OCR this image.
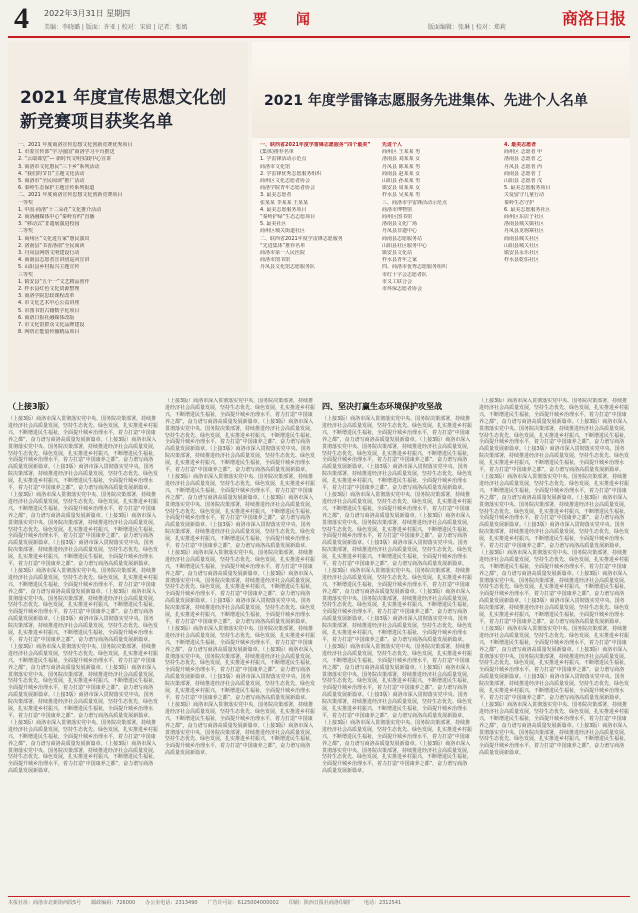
4 2022年3月31日 星期四
美编：李晓璐 | 版面：许亚 | 校对：宋如 | 记者：张嫣	要 闻	版面编辑：张琳 | 校对：郑莉	商洛日报
2021 年度宣传思想文化创新竞赛项目获奖名单
一、2021 年度商洛宣传思想文化创新竞赛优秀项目
1. 市委宣传部“学习强国”商洛学习平台推送
2. “云端课堂”— 新时代文明实践中心宣讲
3. 商洛市文化惠民“三下乡”系列活动
4. “我们的节日”主题文化活动
5. 商洛市“全民阅读”推广活动
6. 秦岭生态保护主题宣传系列报道
二、2021 年度商洛宣传思想文化创新竞赛项目
一等奖
1. 中国·商洛“十二朵花”文化推介活动
2. 商洛融媒体中心“秦岭有约”直播
3. “移动式”非遗展演进校园
二等奖
1. 商州区“文化进万家”惠民演出
2. 洛南县“书香洛南”全民阅读
3. 丹凤县网络文明建设行动
4. 商南县志愿者宣讲团巡回宣讲
5. 山阳县乡村振兴主题宣传
三等奖
1. 镇安县“五个一”文艺精品创作
2. 柞水县红色文化资源整理
3. 商洛学院思政课程改革
4. 市文化艺术中心公益讲座
5. 市图书馆古籍数字化项目
6. 商洛日报社融媒体改版
7. 市文化馆群众文化品牌建设
8. 网络正能量传播精品项目
2021 年度学雷锋志愿服务先进集体、先进个人名单
一、联西省2021年度学雷锋志愿服务“四个最美”
(集体)推荐名单
1. 学雷锋活动示范点
商洛市文化馆
2. 学雷锋优秀志愿服务组织
商州区文化志愿者协会
商洛学院青年志愿者协会
3. 最美志愿者
张某某 李某某 王某某
4. 最美志愿服务项目
“秦岭护绿”生态志愿项目
5. 最美社区
商州区城关街道社区
二、联西省2021年度学雷锋志愿服务
“先进集体”推荐名单
商洛市第一人民医院
商洛市图书馆
丹凤县文化馆志愿服务队
先进个人
商州区 王某某 男
洛南县 刘某某 女
丹凤县 陈某某 男
商南县 赵某某 女
山阳县 孙某某 男
镇安县 周某某 女
柞水县 吴某某 男
三、商洛市学雷锋活动示范点
商洛市博物馆
商州区图书馆
洛南县文化广场
丹凤县非遗中心
商南县志愿服务站
山阳县社区服务中心
镇安县文化站
柞水县青年之家
四、商洛市优秀志愿服务组织
市红十字会志愿者队
市义工联合会
市环保志愿者协会
4. 最美志愿者
商州区 志愿者 甲
洛南县 志愿者 乙
丹凤县 志愿者 丙
商南县 志愿者 丁
山阳县 志愿者 戊
5. 最美志愿服务项目
关爱留守儿童行动
秦岭生态守护
6. 最美志愿服务社区
商州区东店子社区
洛南县城关镇社区
丹凤县龙驹寨社区
商南县城关社区
山阳县城关社区
镇安县永乐社区
柞水县乾佑社区
（上接3版）
（上接3版）商洛市深入贯彻落实党中央、国务院决策部署，持续推进经济社会高质量发展，坚持生态优先、绿色发展，扎实推进乡村振兴，不断增进民生福祉，全面提升城乡治理水平，着力打造“中国康养之都”，奋力谱写商洛高质量发展新篇章。（上接3版）商洛市深入贯彻落实党中央、国务院决策部署，持续推进经济社会高质量发展，坚持生态优先、绿色发展，扎实推进乡村振兴，不断增进民生福祉，全面提升城乡治理水平，着力打造“中国康养之都”，奋力谱写商洛高质量发展新篇章。（上接3版）商洛市深入贯彻落实党中央、国务院决策部署，持续推进经济社会高质量发展，坚持生态优先、绿色发展，扎实推进乡村振兴，不断增进民生福祉，全面提升城乡治理水平，着力打造“中国康养之都”，奋力谱写商洛高质量发展新篇章。（上接3版）商洛市深入贯彻落实党中央、国务院决策部署，持续推进经济社会高质量发展，坚持生态优先、绿色发展，扎实推进乡村振兴，不断增进民生福祉，全面提升城乡治理水平，着力打造“中国康养之都”，奋力谱写商洛高质量发展新篇章。（上接3版）商洛市深入贯彻落实党中央、国务院决策部署，持续推进经济社会高质量发展，坚持生态优先、绿色发展，扎实推进乡村振兴，不断增进民生福祉，全面提升城乡治理水平，着力打造“中国康养之都”，奋力谱写商洛高质量发展新篇章。（上接3版）商洛市深入贯彻落实党中央、国务院决策部署，持续推进经济社会高质量发展，坚持生态优先、绿色发展，扎实推进乡村振兴，不断增进民生福祉，全面提升城乡治理水平，着力打造“中国康养之都”，奋力谱写商洛高质量发展新篇章。（上接3版）商洛市深入贯彻落实党中央、国务院决策部署，持续推进经济社会高质量发展，坚持生态优先、绿色发展，扎实推进乡村振兴，不断增进民生福祉，全面提升城乡治理水平，着力打造“中国康养之都”，奋力谱写商洛高质量发展新篇章。（上接3版）商洛市深入贯彻落实党中央、国务院决策部署，持续推进经济社会高质量发展，坚持生态优先、绿色发展，扎实推进乡村振兴，不断增进民生福祉，全面提升城乡治理水平，着力打造“中国康养之都”，奋力谱写商洛高质量发展新篇章。（上接3版）商洛市深入贯彻落实党中央、国务院决策部署，持续推进经济社会高质量发展，坚持生态优先、绿色发展，扎实推进乡村振兴，不断增进民生福祉，全面提升城乡治理水平，着力打造“中国康养之都”，奋力谱写商洛高质量发展新篇章。（上接3版）商洛市深入贯彻落实党中央、国务院决策部署，持续推进经济社会高质量发展，坚持生态优先、绿色发展，扎实推进乡村振兴，不断增进民生福祉，全面提升城乡治理水平，着力打造“中国康养之都”，奋力谱写商洛高质量发展新篇章。（上接3版）商洛市深入贯彻落实党中央、国务院决策部署，持续推进经济社会高质量发展，坚持生态优先、绿色发展，扎实推进乡村振兴，不断增进民生福祉，全面提升城乡治理水平，着力打造“中国康养之都”，奋力谱写商洛高质量发展新篇章。（上接3版）商洛市深入贯彻落实党中央、国务院决策部署，持续推进经济社会高质量发展，坚持生态优先、绿色发展，扎实推进乡村振兴，不断增进民生福祉，全面提升城乡治理水平，着力打造“中国康养之都”，奋力谱写商洛高质量发展新篇章。（上接3版）商洛市深入贯彻落实党中央、国务院决策部署，持续推进经济社会高质量发展，坚持生态优先、绿色发展，扎实推进乡村振兴，不断增进民生福祉，全面提升城乡治理水平，着力打造“中国康养之都”，奋力谱写商洛高质量发展新篇章。（上接3版）商洛市深入贯彻落实党中央、国务院决策部署，持续推进经济社会高质量发展，坚持生态优先、绿色发展，扎实推进乡村振兴，不断增进民生福祉，全面提升城乡治理水平，着力打造“中国康养之都”，奋力谱写商洛高质量发展新篇章。
（上接3版）商洛市深入贯彻落实党中央、国务院决策部署，持续推进经济社会高质量发展，坚持生态优先、绿色发展，扎实推进乡村振兴，不断增进民生福祉，全面提升城乡治理水平，着力打造“中国康养之都”，奋力谱写商洛高质量发展新篇章。（上接3版）商洛市深入贯彻落实党中央、国务院决策部署，持续推进经济社会高质量发展，坚持生态优先、绿色发展，扎实推进乡村振兴，不断增进民生福祉，全面提升城乡治理水平，着力打造“中国康养之都”，奋力谱写商洛高质量发展新篇章。（上接3版）商洛市深入贯彻落实党中央、国务院决策部署，持续推进经济社会高质量发展，坚持生态优先、绿色发展，扎实推进乡村振兴，不断增进民生福祉，全面提升城乡治理水平，着力打造“中国康养之都”，奋力谱写商洛高质量发展新篇章。（上接3版）商洛市深入贯彻落实党中央、国务院决策部署，持续推进经济社会高质量发展，坚持生态优先、绿色发展，扎实推进乡村振兴，不断增进民生福祉，全面提升城乡治理水平，着力打造“中国康养之都”，奋力谱写商洛高质量发展新篇章。（上接3版）商洛市深入贯彻落实党中央、国务院决策部署，持续推进经济社会高质量发展，坚持生态优先、绿色发展，扎实推进乡村振兴，不断增进民生福祉，全面提升城乡治理水平，着力打造“中国康养之都”，奋力谱写商洛高质量发展新篇章。（上接3版）商洛市深入贯彻落实党中央、国务院决策部署，持续推进经济社会高质量发展，坚持生态优先、绿色发展，扎实推进乡村振兴，不断增进民生福祉，全面提升城乡治理水平，着力打造“中国康养之都”，奋力谱写商洛高质量发展新篇章。（上接3版）商洛市深入贯彻落实党中央、国务院决策部署，持续推进经济社会高质量发展，坚持生态优先、绿色发展，扎实推进乡村振兴，不断增进民生福祉，全面提升城乡治理水平，着力打造“中国康养之都”，奋力谱写商洛高质量发展新篇章。（上接3版）商洛市深入贯彻落实党中央、国务院决策部署，持续推进经济社会高质量发展，坚持生态优先、绿色发展，扎实推进乡村振兴，不断增进民生福祉，全面提升城乡治理水平，着力打造“中国康养之都”，奋力谱写商洛高质量发展新篇章。（上接3版）商洛市深入贯彻落实党中央、国务院决策部署，持续推进经济社会高质量发展，坚持生态优先、绿色发展，扎实推进乡村振兴，不断增进民生福祉，全面提升城乡治理水平，着力打造“中国康养之都”，奋力谱写商洛高质量发展新篇章。（上接3版）商洛市深入贯彻落实党中央、国务院决策部署，持续推进经济社会高质量发展，坚持生态优先、绿色发展，扎实推进乡村振兴，不断增进民生福祉，全面提升城乡治理水平，着力打造“中国康养之都”，奋力谱写商洛高质量发展新篇章。（上接3版）商洛市深入贯彻落实党中央、国务院决策部署，持续推进经济社会高质量发展，坚持生态优先、绿色发展，扎实推进乡村振兴，不断增进民生福祉，全面提升城乡治理水平，着力打造“中国康养之都”，奋力谱写商洛高质量发展新篇章。（上接3版）商洛市深入贯彻落实党中央、国务院决策部署，持续推进经济社会高质量发展，坚持生态优先、绿色发展，扎实推进乡村振兴，不断增进民生福祉，全面提升城乡治理水平，着力打造“中国康养之都”，奋力谱写商洛高质量发展新篇章。（上接3版）商洛市深入贯彻落实党中央、国务院决策部署，持续推进经济社会高质量发展，坚持生态优先、绿色发展，扎实推进乡村振兴，不断增进民生福祉，全面提升城乡治理水平，着力打造“中国康养之都”，奋力谱写商洛高质量发展新篇章。（上接3版）商洛市深入贯彻落实党中央、国务院决策部署，持续推进经济社会高质量发展，坚持生态优先、绿色发展，扎实推进乡村振兴，不断增进民生福祉，全面提升城乡治理水平，着力打造“中国康养之都”，奋力谱写商洛高质量发展新篇章。
四、坚决打赢生态环境保护攻坚战
（上接3版）商洛市深入贯彻落实党中央、国务院决策部署，持续推进经济社会高质量发展，坚持生态优先、绿色发展，扎实推进乡村振兴，不断增进民生福祉，全面提升城乡治理水平，着力打造“中国康养之都”，奋力谱写商洛高质量发展新篇章。（上接3版）商洛市深入贯彻落实党中央、国务院决策部署，持续推进经济社会高质量发展，坚持生态优先、绿色发展，扎实推进乡村振兴，不断增进民生福祉，全面提升城乡治理水平，着力打造“中国康养之都”，奋力谱写商洛高质量发展新篇章。（上接3版）商洛市深入贯彻落实党中央、国务院决策部署，持续推进经济社会高质量发展，坚持生态优先、绿色发展，扎实推进乡村振兴，不断增进民生福祉，全面提升城乡治理水平，着力打造“中国康养之都”，奋力谱写商洛高质量发展新篇章。（上接3版）商洛市深入贯彻落实党中央、国务院决策部署，持续推进经济社会高质量发展，坚持生态优先、绿色发展，扎实推进乡村振兴，不断增进民生福祉，全面提升城乡治理水平，着力打造“中国康养之都”，奋力谱写商洛高质量发展新篇章。（上接3版）商洛市深入贯彻落实党中央、国务院决策部署，持续推进经济社会高质量发展，坚持生态优先、绿色发展，扎实推进乡村振兴，不断增进民生福祉，全面提升城乡治理水平，着力打造“中国康养之都”，奋力谱写商洛高质量发展新篇章。（上接3版）商洛市深入贯彻落实党中央、国务院决策部署，持续推进经济社会高质量发展，坚持生态优先、绿色发展，扎实推进乡村振兴，不断增进民生福祉，全面提升城乡治理水平，着力打造“中国康养之都”，奋力谱写商洛高质量发展新篇章。（上接3版）商洛市深入贯彻落实党中央、国务院决策部署，持续推进经济社会高质量发展，坚持生态优先、绿色发展，扎实推进乡村振兴，不断增进民生福祉，全面提升城乡治理水平，着力打造“中国康养之都”，奋力谱写商洛高质量发展新篇章。（上接3版）商洛市深入贯彻落实党中央、国务院决策部署，持续推进经济社会高质量发展，坚持生态优先、绿色发展，扎实推进乡村振兴，不断增进民生福祉，全面提升城乡治理水平，着力打造“中国康养之都”，奋力谱写商洛高质量发展新篇章。（上接3版）商洛市深入贯彻落实党中央、国务院决策部署，持续推进经济社会高质量发展，坚持生态优先、绿色发展，扎实推进乡村振兴，不断增进民生福祉，全面提升城乡治理水平，着力打造“中国康养之都”，奋力谱写商洛高质量发展新篇章。（上接3版）商洛市深入贯彻落实党中央、国务院决策部署，持续推进经济社会高质量发展，坚持生态优先、绿色发展，扎实推进乡村振兴，不断增进民生福祉，全面提升城乡治理水平，着力打造“中国康养之都”，奋力谱写商洛高质量发展新篇章。（上接3版）商洛市深入贯彻落实党中央、国务院决策部署，持续推进经济社会高质量发展，坚持生态优先、绿色发展，扎实推进乡村振兴，不断增进民生福祉，全面提升城乡治理水平，着力打造“中国康养之都”，奋力谱写商洛高质量发展新篇章。（上接3版）商洛市深入贯彻落实党中央、国务院决策部署，持续推进经济社会高质量发展，坚持生态优先、绿色发展，扎实推进乡村振兴，不断增进民生福祉，全面提升城乡治理水平，着力打造“中国康养之都”，奋力谱写商洛高质量发展新篇章。（上接3版）商洛市深入贯彻落实党中央、国务院决策部署，持续推进经济社会高质量发展，坚持生态优先、绿色发展，扎实推进乡村振兴，不断增进民生福祉，全面提升城乡治理水平，着力打造“中国康养之都”，奋力谱写商洛高质量发展新篇章。（上接3版）商洛市深入贯彻落实党中央、国务院决策部署，持续推进经济社会高质量发展，坚持生态优先、绿色发展，扎实推进乡村振兴，不断增进民生福祉，全面提升城乡治理水平，着力打造“中国康养之都”，奋力谱写商洛高质量发展新篇章。
（上接3版）商洛市深入贯彻落实党中央、国务院决策部署，持续推进经济社会高质量发展，坚持生态优先、绿色发展，扎实推进乡村振兴，不断增进民生福祉，全面提升城乡治理水平，着力打造“中国康养之都”，奋力谱写商洛高质量发展新篇章。（上接3版）商洛市深入贯彻落实党中央、国务院决策部署，持续推进经济社会高质量发展，坚持生态优先、绿色发展，扎实推进乡村振兴，不断增进民生福祉，全面提升城乡治理水平，着力打造“中国康养之都”，奋力谱写商洛高质量发展新篇章。（上接3版）商洛市深入贯彻落实党中央、国务院决策部署，持续推进经济社会高质量发展，坚持生态优先、绿色发展，扎实推进乡村振兴，不断增进民生福祉，全面提升城乡治理水平，着力打造“中国康养之都”，奋力谱写商洛高质量发展新篇章。（上接3版）商洛市深入贯彻落实党中央、国务院决策部署，持续推进经济社会高质量发展，坚持生态优先、绿色发展，扎实推进乡村振兴，不断增进民生福祉，全面提升城乡治理水平，着力打造“中国康养之都”，奋力谱写商洛高质量发展新篇章。（上接3版）商洛市深入贯彻落实党中央、国务院决策部署，持续推进经济社会高质量发展，坚持生态优先、绿色发展，扎实推进乡村振兴，不断增进民生福祉，全面提升城乡治理水平，着力打造“中国康养之都”，奋力谱写商洛高质量发展新篇章。（上接3版）商洛市深入贯彻落实党中央、国务院决策部署，持续推进经济社会高质量发展，坚持生态优先、绿色发展，扎实推进乡村振兴，不断增进民生福祉，全面提升城乡治理水平，着力打造“中国康养之都”，奋力谱写商洛高质量发展新篇章。（上接3版）商洛市深入贯彻落实党中央、国务院决策部署，持续推进经济社会高质量发展，坚持生态优先、绿色发展，扎实推进乡村振兴，不断增进民生福祉，全面提升城乡治理水平，着力打造“中国康养之都”，奋力谱写商洛高质量发展新篇章。（上接3版）商洛市深入贯彻落实党中央、国务院决策部署，持续推进经济社会高质量发展，坚持生态优先、绿色发展，扎实推进乡村振兴，不断增进民生福祉，全面提升城乡治理水平，着力打造“中国康养之都”，奋力谱写商洛高质量发展新篇章。（上接3版）商洛市深入贯彻落实党中央、国务院决策部署，持续推进经济社会高质量发展，坚持生态优先、绿色发展，扎实推进乡村振兴，不断增进民生福祉，全面提升城乡治理水平，着力打造“中国康养之都”，奋力谱写商洛高质量发展新篇章。（上接3版）商洛市深入贯彻落实党中央、国务院决策部署，持续推进经济社会高质量发展，坚持生态优先、绿色发展，扎实推进乡村振兴，不断增进民生福祉，全面提升城乡治理水平，着力打造“中国康养之都”，奋力谱写商洛高质量发展新篇章。（上接3版）商洛市深入贯彻落实党中央、国务院决策部署，持续推进经济社会高质量发展，坚持生态优先、绿色发展，扎实推进乡村振兴，不断增进民生福祉，全面提升城乡治理水平，着力打造“中国康养之都”，奋力谱写商洛高质量发展新篇章。（上接3版）商洛市深入贯彻落实党中央、国务院决策部署，持续推进经济社会高质量发展，坚持生态优先、绿色发展，扎实推进乡村振兴，不断增进民生福祉，全面提升城乡治理水平，着力打造“中国康养之都”，奋力谱写商洛高质量发展新篇章。（上接3版）商洛市深入贯彻落实党中央、国务院决策部署，持续推进经济社会高质量发展，坚持生态优先、绿色发展，扎实推进乡村振兴，不断增进民生福祉，全面提升城乡治理水平，着力打造“中国康养之都”，奋力谱写商洛高质量发展新篇章。（上接3版）商洛市深入贯彻落实党中央、国务院决策部署，持续推进经济社会高质量发展，坚持生态优先、绿色发展，扎实推进乡村振兴，不断增进民生福祉，全面提升城乡治理水平，着力打造“中国康养之都”，奋力谱写商洛高质量发展新篇章。
本报社址：商洛市北新街西段5号 邮政编码：726000 办公室电话：2313490 广告许可证：6125004000002 印刷：陕西日报社商洛印刷厂 电话：2312541
